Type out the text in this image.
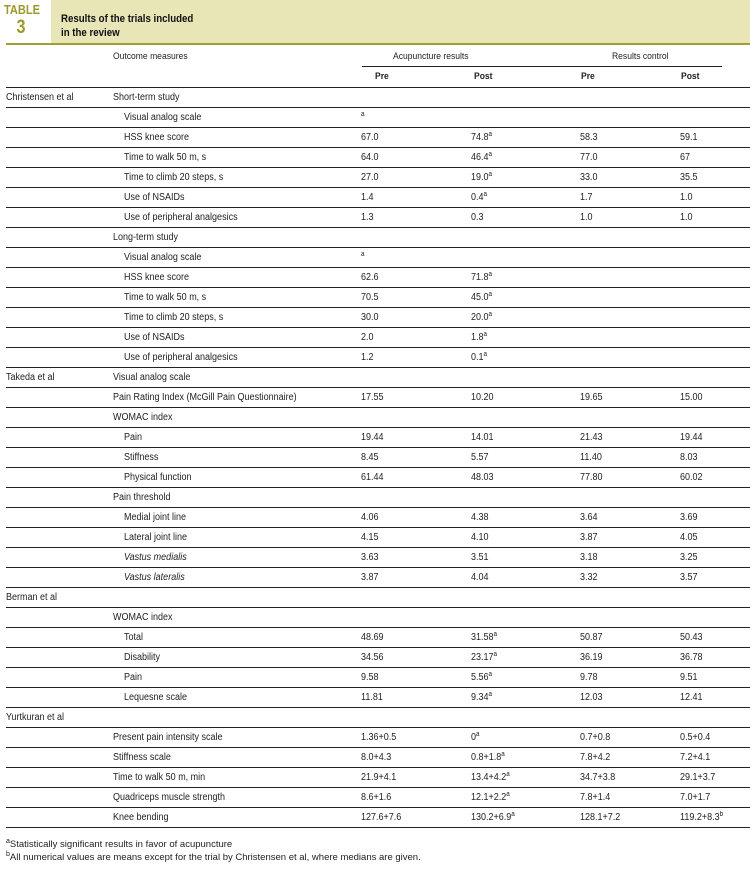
TABLE
3	Results of the trials included
in the review
Outcome measures	Acupuncture results	Results control
Pre	Post	Pre	Post
Christensen et al	Short-term study				
	Visual analog scale	$^a$			
	HSS knee score	67.0	74.8$^a$	58.3	59.1
	Time to walk 50 m, s	64.0	46.4$^a$	77.0	67
	Time to climb 20 steps, s	27.0	19.0$^a$	33.0	35.5
	Use of NSAIDs	1.4	0.4$^a$	1.7	1.0
	Use of peripheral analgesics	1.3	0.3	1.0	1.0
	Long-term study				
	Visual analog scale	$^a$			
	HSS knee score	62.6	71.8$^a$		
	Time to walk 50 m, s	70.5	45.0$^a$		
	Time to climb 20 steps, s	30.0	20.0$^a$		
	Use of NSAIDs	2.0	1.8$^a$		
	Use of peripheral analgesics	1.2	0.1$^a$		
Takeda et al	Visual analog scale				
	Pain Rating Index (McGill Pain Questionnaire)	17.55	10.20	19.65	15.00
	WOMAC index				
	Pain	19.44	14.01	21.43	19.44
	Stiffness	8.45	5.57	11.40	8.03
	Physical function	61.44	48.03	77.80	60.02
	Pain threshold				
	Medial joint line	4.06	4.38	3.64	3.69
	Lateral joint line	4.15	4.10	3.87	4.05
	Vastus medialis	3.63	3.51	3.18	3.25
	Vastus lateralis	3.87	4.04	3.32	3.57
Berman et al					
	WOMAC index				
	Total	48.69	31.58$^a$	50.87	50.43
	Disability	34.56	23.17$^a$	36.19	36.78
	Pain	9.58	5.56$^a$	9.78	9.51
	Lequesne scale	11.81	9.34$^a$	12.03	12.41
Yurtkuran et al					
	Present pain intensity scale	1.36+0.5	0$^a$	0.7+0.8	0.5+0.4
	Stiffness scale	8.0+4.3	0.8+1.8$^a$	7.8+4.2	7.2+4.1
	Time to walk 50 m, min	21.9+4.1	13.4+4.2$^a$	34.7+3.8	29.1+3.7
	Quadriceps muscle strength	8.6+1.6	12.1+2.2$^a$	7.8+1.4	7.0+1.7
	Knee bending	127.6+7.6	130.2+6.9$^a$	128.1+7.2	119.2+8.3$^b$
$^a$Statistically significant results in favor of acupuncture
$^b$All numerical values are means except for the trial by Christensen et al, where medians are given.
